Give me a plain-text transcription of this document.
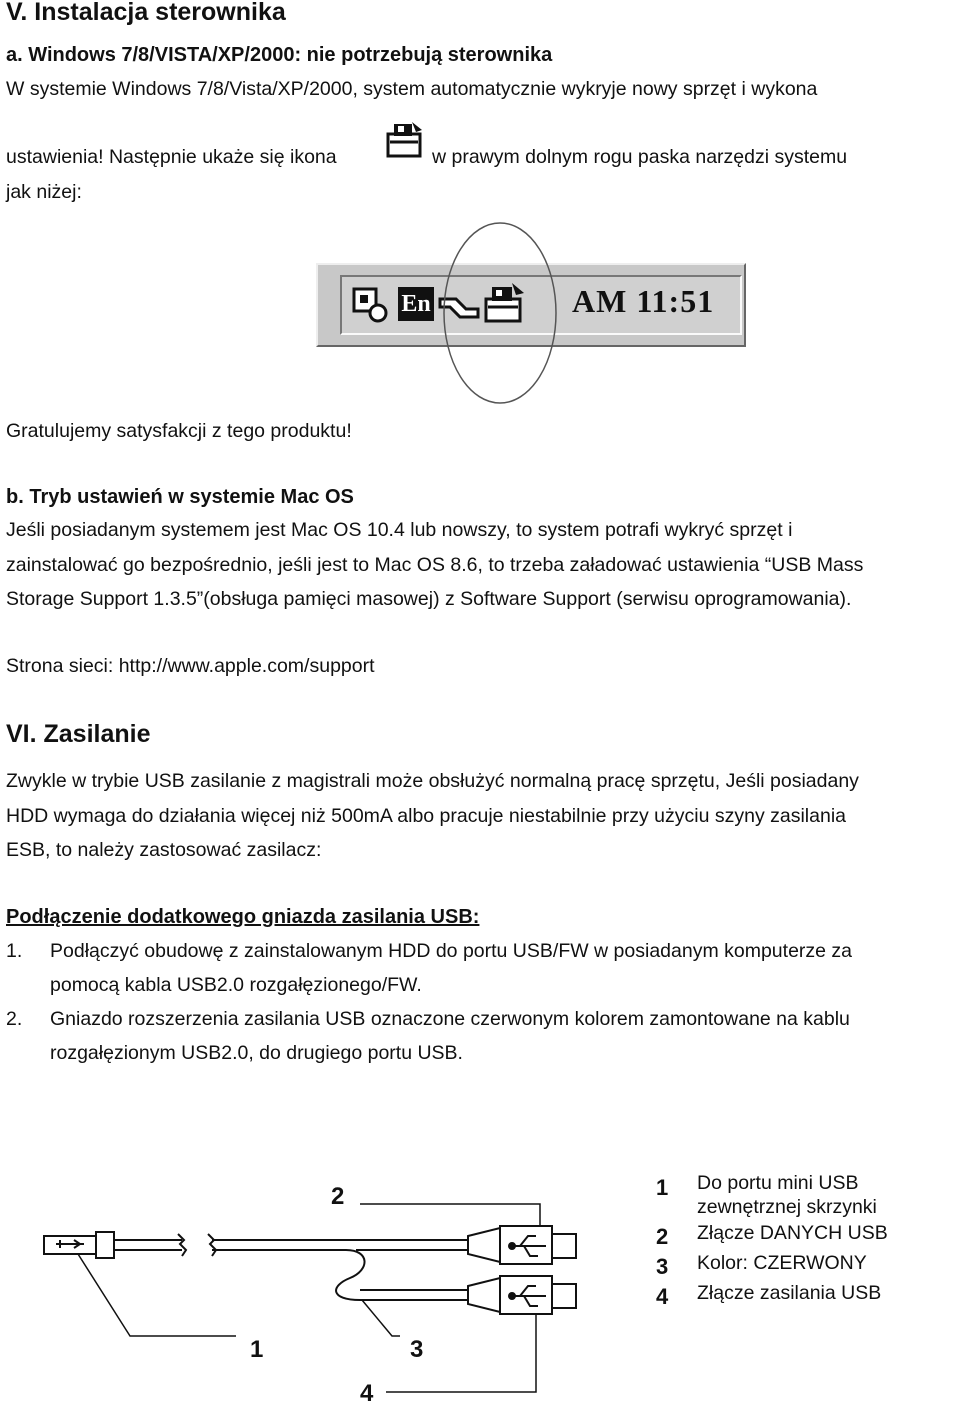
V. Instalacja sterownika
a. Windows 7/8/VISTA/XP/2000: nie potrzebują sterownika
W systemie Windows 7/8/Vista/XP/2000, system automatycznie wykryje nowy sprzęt i wykona
ustawienia! Następnie ukaże się ikona	w prawym dolnym rogu paska narzędzi systemu
jak niżej:
En	AM 11:51
Gratulujemy satysfakcji z tego produktu!
b. Tryb ustawień w systemie Mac OS
Jeśli posiadanym systemem jest Mac OS 10.4 lub nowszy, to system potrafi wykryć sprzęt i
zainstalować go bezpośrednio, jeśli jest to Mac OS 8.6, to trzeba załadować ustawienia “USB Mass
Storage Support 1.3.5”(obsługa pamięci masowej) z Software Support (serwisu oprogramowania).
Strona sieci: http://www.apple.com/support
VI. Zasilanie
Zwykle w trybie USB zasilanie z magistrali może obsłużyć normalną pracę sprzętu, Jeśli posiadany
HDD wymaga do działania więcej niż 500mA albo pracuje niestabilnie przy użyciu szyny zasilania
ESB, to należy zastosować zasilacz:
Podłączenie dodatkowego gniazda zasilania USB:
1. Podłączyć obudowę z zainstalowanym HDD do portu USB/FW w posiadanym komputerze za
pomocą kabla USB2.0 rozgałęzionego/FW.
2. Gniazdo rozszerzenia zasilania USB oznaczone czerwonym kolorem zamontowane na kablu
rozgałęzionym USB2.0, do drugiego portu USB.
2
1	3
4
1 Do portu mini USB
zewnętrznej skrzynki
2 Złącze DANYCH USB
3 Kolor: CZERWONY
4 Złącze zasilania USB
